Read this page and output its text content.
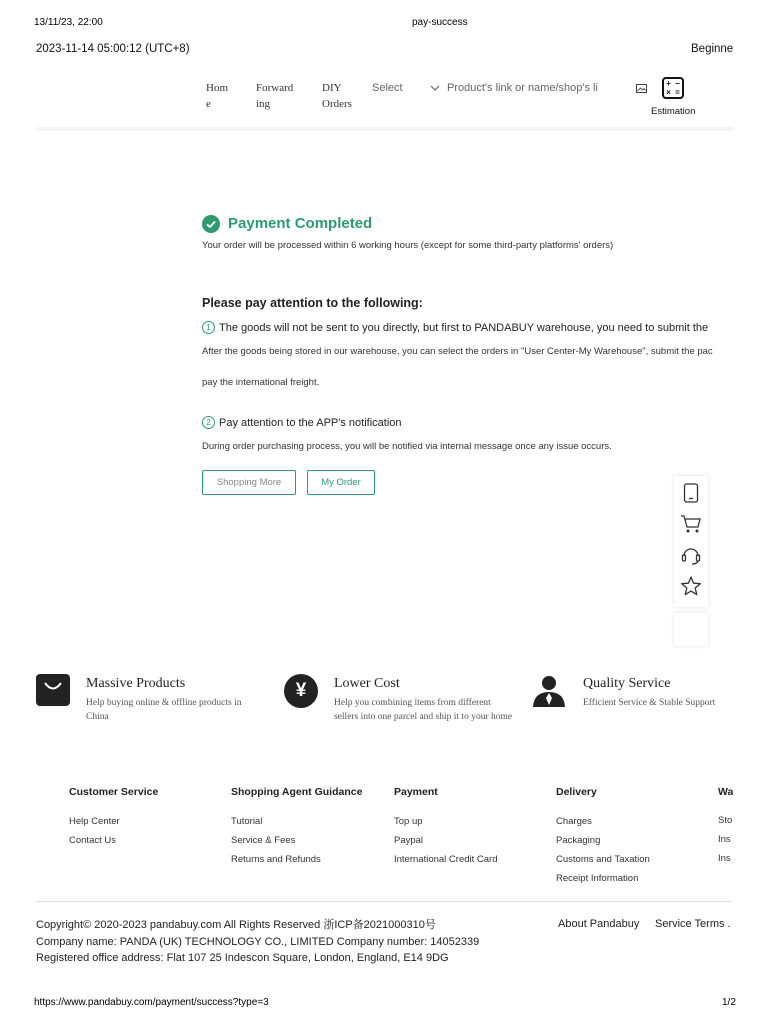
13/11/23, 22:00	pay-success
2023-11-14 05:00:12 (UTC+8)	Beginne
Hom
e
Forward
ing
DIY
Orders
Select	Product's link or name/shop's li	+ −
× =
Estimation
Payment Completed
Your order will be processed within 6 working hours (except for some third-party platforms' orders)
Please pay attention to the following:
1 The goods will not be sent to you directly, but first to PANDABUY warehouse, you need to submit the
After the goods being stored in our warehouse, you can select the orders in "User Center-My Warehouse", submit the pac
pay the international freight.
2 Pay attention to the APP's notification
During order purchasing process, you will be notified via internal message once any issue occurs.
Shopping More	My Order
Massive Products
Help buying online & offline products in China
¥	Lower Cost
Help you combining items from different sellers into one parcel and ship it to your home
Quality Service
Efficient Service & Stable Support
Customer Service
Help Center
Contact Us
Shopping Agent Guidance
Tutorial
Service & Fees
Returns and Refunds
Payment
Top up
Paypal
International Credit Card
Delivery
Charges
Packaging
Customs and Taxation
Receipt Information
Wa
Sto
Ins
Ins
Copyright© 2020-2023 pandabuy.com All Rights Reserved 浙ICP备2021000310号
Company name: PANDA (UK) TECHNOLOGY CO., LIMITED Company number: 14052339
Registered office address: Flat 107 25 Indescon Square, London, England, E14 9DG
About Pandabuy Service Terms .
https://www.pandabuy.com/payment/success?type=3	1/2
